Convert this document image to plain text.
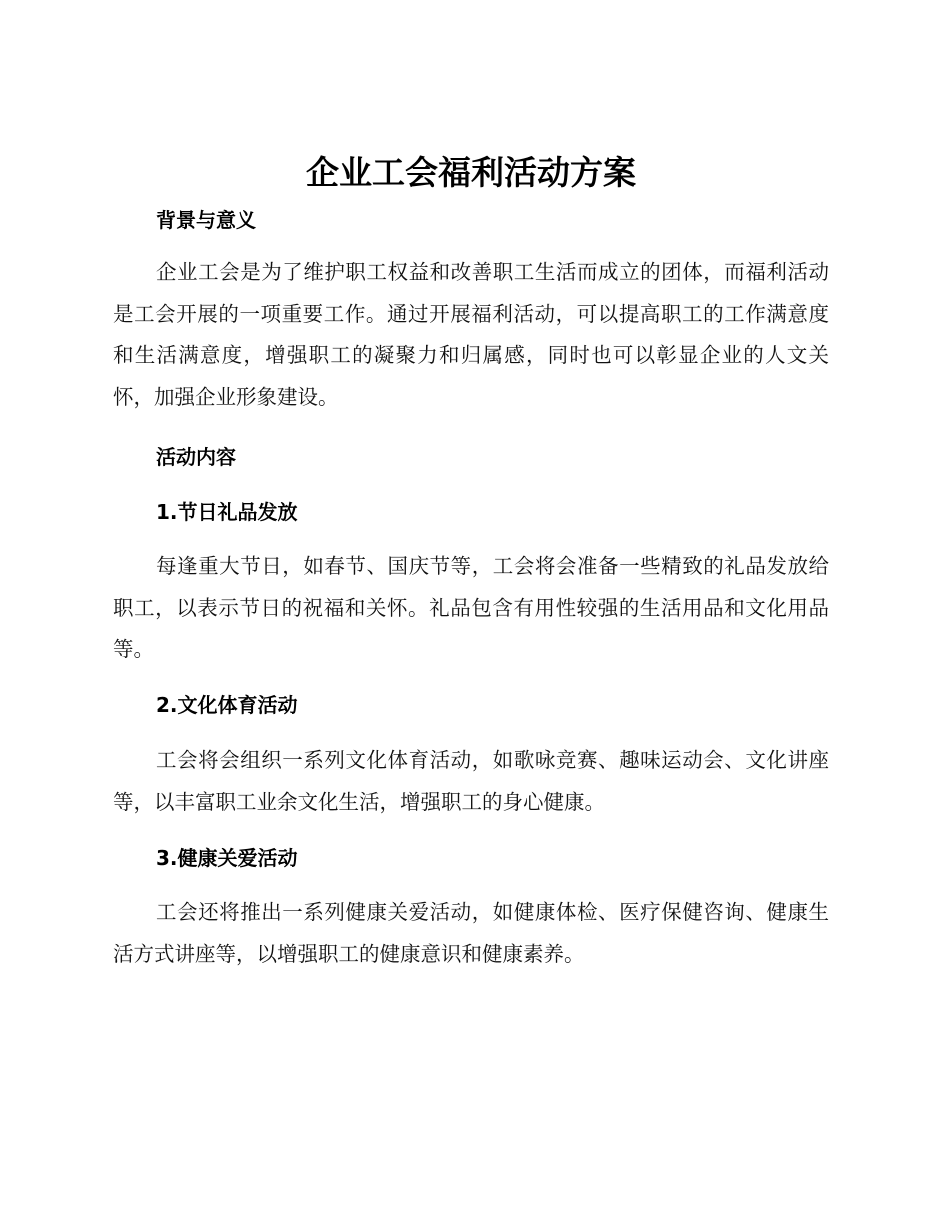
企业工会福利活动方案
背景与意义

企业工会是为了维护职工权益和改善职工生活而成立的团体，而福利活动是工会开展的一项重要工作。通过开展福利活动，可以提高职工的工作满意度和生活满意度，增强职工的凝聚力和归属感，同时也可以彰显企业的人文关怀，加强企业形象建设。

活动内容
1.节日礼品发放

每逢重大节日，如春节、国庆节等，工会将会准备一些精致的礼品发放给职工，以表示节日的祝福和关怀。礼品包含有用性较强的生活用品和文化用品等。

2.文化体育活动

工会将会组织一系列文化体育活动，如歌咏竞赛、趣味运动会、文化讲座等，以丰富职工业余文化生活，增强职工的身心健康。

3.健康关爱活动

工会还将推出一系列健康关爱活动，如健康体检、医疗保健咨询、健康生活方式讲座等，以增强职工的健康意识和健康素养。
